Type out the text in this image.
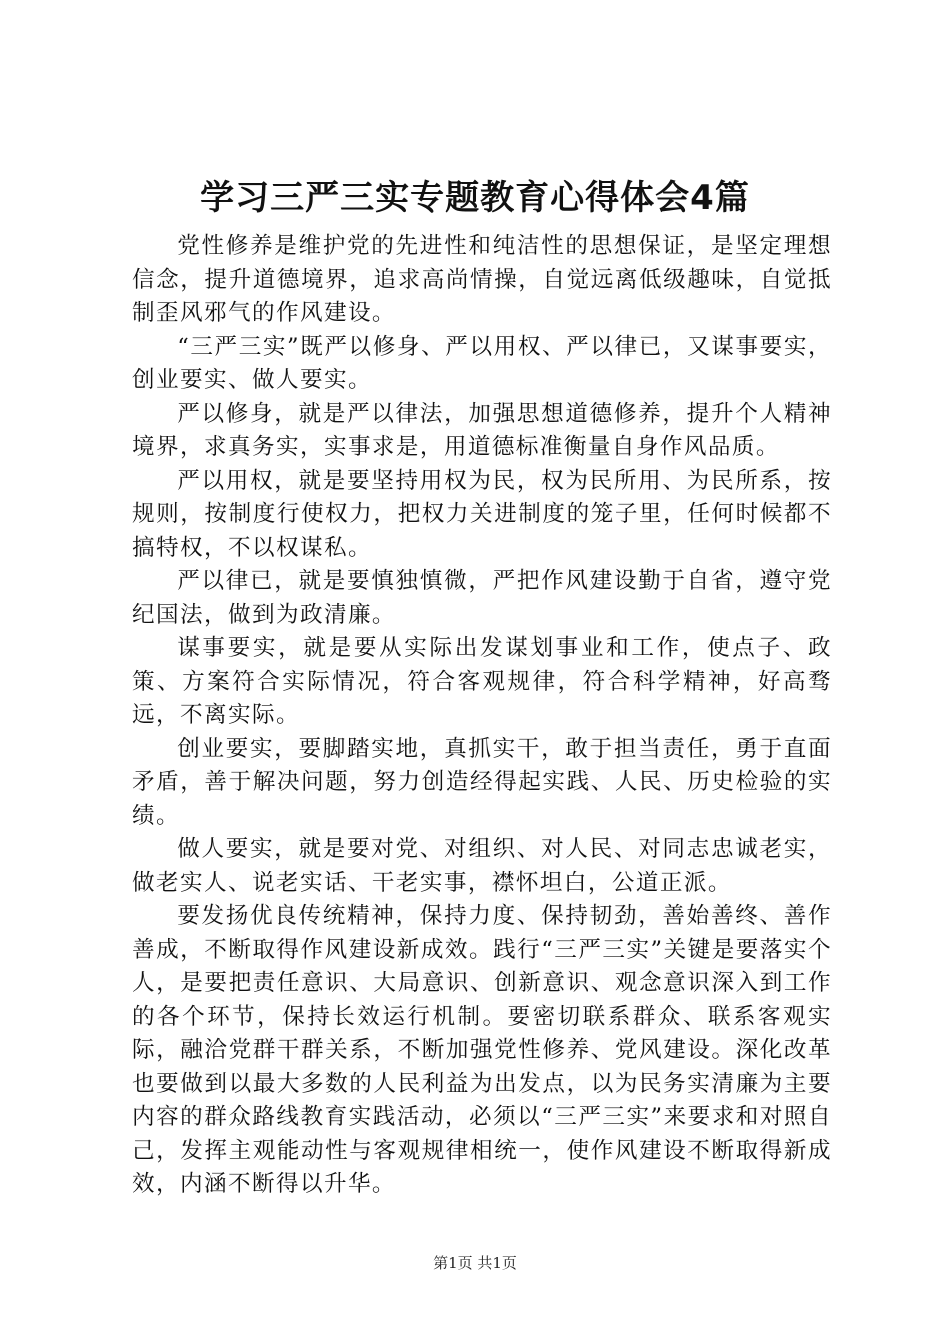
学习三严三实专题教育心得体会4篇

党性修养是维护党的先进性和纯洁性的思想保证，是坚定理想信念，提升道德境界，追求高尚情操，自觉远离低级趣味，自觉抵制歪风邪气的作风建设。

“三严三实”既严以修身、严以用权、严以律已，又谋事要实，创业要实、做人要实。

严以修身，就是严以律法，加强思想道德修养，提升个人精神境界，求真务实，实事求是，用道德标准衡量自身作风品质。

严以用权，就是要坚持用权为民，权为民所用、为民所系，按规则，按制度行使权力，把权力关进制度的笼子里，任何时候都不搞特权，不以权谋私。

严以律已，就是要慎独慎微，严把作风建设勤于自省，遵守党纪国法，做到为政清廉。

谋事要实，就是要从实际出发谋划事业和工作，使点子、政策、方案符合实际情况，符合客观规律，符合科学精神，好高骛远，不离实际。

创业要实，要脚踏实地，真抓实干，敢于担当责任，勇于直面矛盾，善于解决问题，努力创造经得起实践、人民、历史检验的实绩。

做人要实，就是要对党、对组织、对人民、对同志忠诚老实，做老实人、说老实话、干老实事，襟怀坦白，公道正派。

要发扬优良传统精神，保持力度、保持韧劲，善始善终、善作善成，不断取得作风建设新成效。践行“三严三实”关键是要落实个人，是要把责任意识、大局意识、创新意识、观念意识深入到工作的各个环节，保持长效运行机制。要密切联系群众、联系客观实际，融洽党群干群关系，不断加强党性修养、党风建设。深化改革也要做到以最大多数的人民利益为出发点，以为民务实清廉为主要内容的群众路线教育实践活动，必须以“三严三实”来要求和对照自己，发挥主观能动性与客观规律相统一，使作风建设不断取得新成效，内涵不断得以升华。

第1页 共1页
